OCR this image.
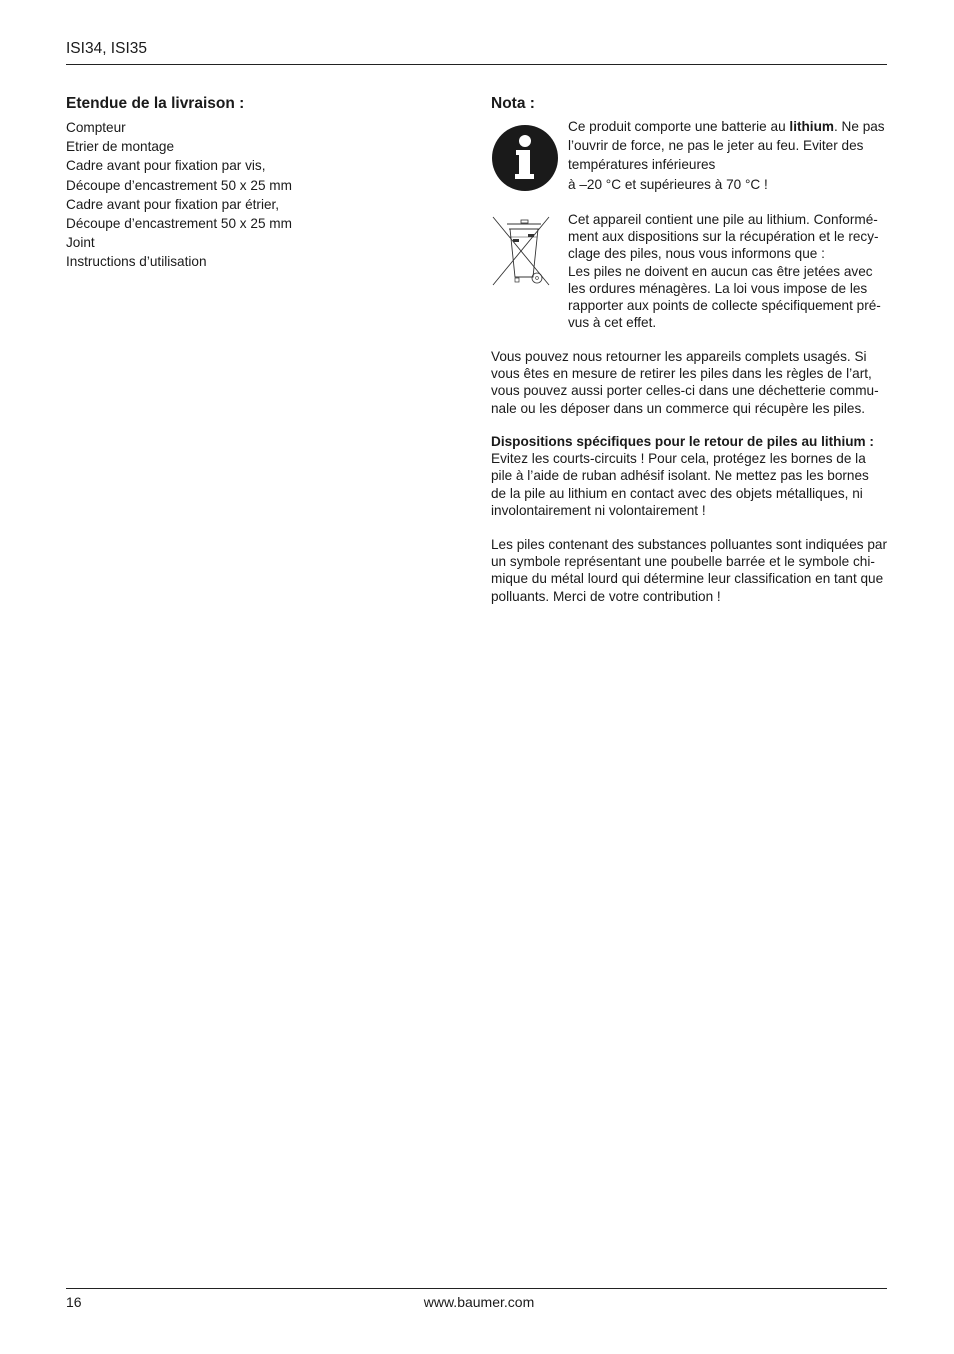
ISI34, ISI35
Etendue de la livraison :
Compteur
Etrier de montage
Cadre avant pour fixation par vis,
Découpe d’encastrement 50 x 25 mm
Cadre avant pour fixation par étrier,
Découpe d’encastrement 50 x 25 mm
Joint
Instructions d’utilisation
Nota :
Ce produit comporte une batterie au lithium. Ne pas l’ouvrir de force, ne pas le jeter au feu. Eviter des températures inférieures
à –20 °C et supérieures à 70 °C !
Cet appareil contient une pile au lithium. Conformé-ment aux dispositions sur la récupération et le recy-clage des piles, nous vous informons que :
Les piles ne doivent en aucun cas être jetées avec les ordures ménagères. La loi vous impose de les rapporter aux points de collecte spécifiquement pré-vus à cet effet.

Vous pouvez nous retourner les appareils complets usagés. Si vous êtes en mesure de retirer les piles dans les règles de l’art, vous pouvez aussi porter celles-ci dans une déchetterie commu-nale ou les déposer dans un commerce qui récupère les piles.

Dispositions spécifiques pour le retour de piles au lithium :

Evitez les courts-circuits ! Pour cela, protégez les bornes de la pile à l’aide de ruban adhésif isolant. Ne mettez pas les bornes de la pile au lithium en contact avec des objets métalliques, ni involontairement ni volontairement !

Les piles contenant des substances polluantes sont indiquées par un symbole représentant une poubelle barrée et le symbole chi-mique du métal lourd qui détermine leur classification en tant que polluants. Merci de votre contribution !

16	www.baumer.com
